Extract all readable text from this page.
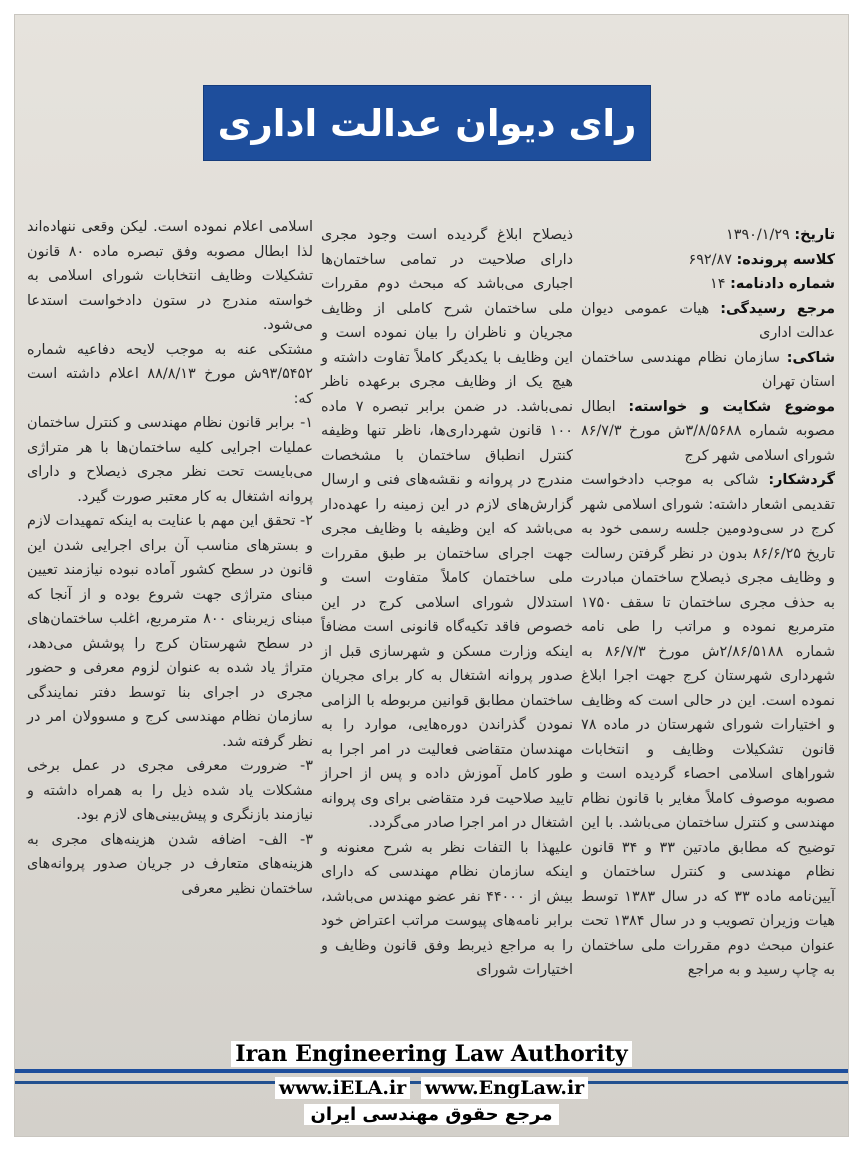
رای دیوان عدالت اداری

تاریخ: ۱۳۹۰/۱/۲۹

کلاسه پرونده: ۶۹۲/۸۷

شماره دادنامه: ۱۴

مرجع رسیدگی: هیات عمومی دیوان عدالت اداری

شاکی: سازمان نظام مهندسی ساختمان استان تهران

موضوع شکایت و خواسته: ابطال مصوبه شماره ۳/۸/۵۶۸۸ش مورخ ۸۶/۷/۳ شورای اسلامی شهر کرج

گردشکار: شاکی به موجب دادخواست تقدیمی اشعار داشته: شورای اسلامی شهر کرج در سی‌ودومین جلسه رسمی خود به تاریخ ۸۶/۶/۲۵ بدون در نظر گرفتن رسالت و وظایف مجری ذیصلاح ساختمان مبادرت به حذف مجری ساختمان تا سقف ۱۷۵۰ مترمربع نموده و مراتب را طی نامه شماره ۲/۸۶/۵۱۸۸ش مورخ ۸۶/۷/۳ به شهرداری شهرستان کرج جهت اجرا ابلاغ نموده است. این در حالی است که وظایف و اختیارات شورای شهرستان در ماده ۷۸ قانون تشکیلات وظایف و انتخابات شوراهای اسلامی احصاء گردیده است و مصوبه موصوف کاملاً مغایر با قانون نظام مهندسی و کنترل ساختمان می‌باشد. با این توضیح که مطابق مادتین ۳۳ و ۳۴ قانون نظام مهندسی و کنترل ساختمان و آیین‌نامه ماده ۳۳ که در سال ۱۳۸۳ توسط هیات وزیران تصویب و در سال ۱۳۸۴ تحت عنوان مبحث دوم مقررات ملی ساختمان به چاپ رسید و به مراجع

ذیصلاح ابلاغ گردیده است وجود مجری دارای صلاحیت در تمامی ساختمان‌ها اجباری می‌باشد که مبحث دوم مقررات ملی ساختمان شرح کاملی از وظایف مجریان و ناظران را بیان نموده است و این وظایف با یکدیگر کاملاً تفاوت داشته و هیچ یک از وظایف مجری برعهده ناظر نمی‌باشد. در ضمن برابر تبصره ۷ ماده ۱۰۰ قانون شهرداری‌ها، ناظر تنها وظیفه کنترل انطباق ساختمان با مشخصات مندرج در پروانه و نقشه‌های فنی و ارسال گزارش‌های لازم در این زمینه را عهده‌دار می‌باشد که این وظیفه با وظایف مجری جهت اجرای ساختمان بر طبق مقررات ملی ساختمان کاملاً متفاوت است و استدلال شورای اسلامی کرج در این خصوص فاقد تکیه‌گاه قانونی است مضافاً اینکه وزارت مسکن و شهرسازی قبل از صدور پروانه اشتغال به کار برای مجریان ساختمان مطابق قوانین مربوطه با الزامی نمودن گذراندن دوره‌هایی، موارد را به مهندسان متقاضی فعالیت در امر اجرا به طور کامل آموزش داده و پس از احراز تایید صلاحیت فرد متقاضی برای وی پروانه اشتغال در امر اجرا صادر می‌گردد.

علیهذا با التفات نظر به شرح معنونه و اینکه سازمان نظام مهندسی که دارای بیش از ۴۴۰۰۰ نفر عضو مهندس می‌باشد، برابر نامه‌های پیوست مراتب اعتراض خود را به مراجع ذیربط وفق قانون وظایف و اختیارات شورای

اسلامی اعلام نموده است. لیکن وقعی ننهاده‌اند لذا ابطال مصوبه وفق تبصره ماده ۸۰ قانون تشکیلات وظایف انتخابات شورای اسلامی به خواسته مندرج در ستون دادخواست استدعا می‌شود.

مشتکی عنه به موجب لایحه دفاعیه شماره ۹۳/۵۴۵۲ش مورخ ۸۸/۸/۱۳ اعلام داشته است که:

۱- برابر قانون نظام مهندسی و کنترل ساختمان عملیات اجرایی کلیه ساختمان‌ها با هر متراژی می‌بایست تحت نظر مجری ذیصلاح و دارای پروانه اشتغال به کار معتبر صورت گیرد.

۲- تحقق این مهم با عنایت به اینکه تمهیدات لازم و بسترهای مناسب آن برای اجرایی شدن این قانون در سطح کشور آماده نبوده نیازمند تعیین مبنای متراژی جهت شروع بوده و از آنجا که مبنای زیربنای ۸۰۰ مترمربع، اغلب ساختمان‌های در سطح شهرستان کرج را پوشش می‌دهد، متراژ یاد شده به عنوان لزوم معرفی و حضور مجری در اجرای بنا توسط دفتر نمایندگی سازمان نظام مهندسی کرج و مسوولان امر در نظر گرفته شد.

۳- ضرورت معرفی مجری در عمل برخی مشکلات یاد شده ذیل را به همراه داشته و نیازمند بازنگری و پیش‌بینی‌های لازم بود.

۳- الف- اضافه شدن هزینه‌های مجری به هزینه‌های متعارف در جریان صدور پروانه‌های ساختمان نظیر معرفی

Iran Engineering Law Authority
www.iELA.ir www.EngLaw.ir
مرجع حقوق مهندسی ایران
